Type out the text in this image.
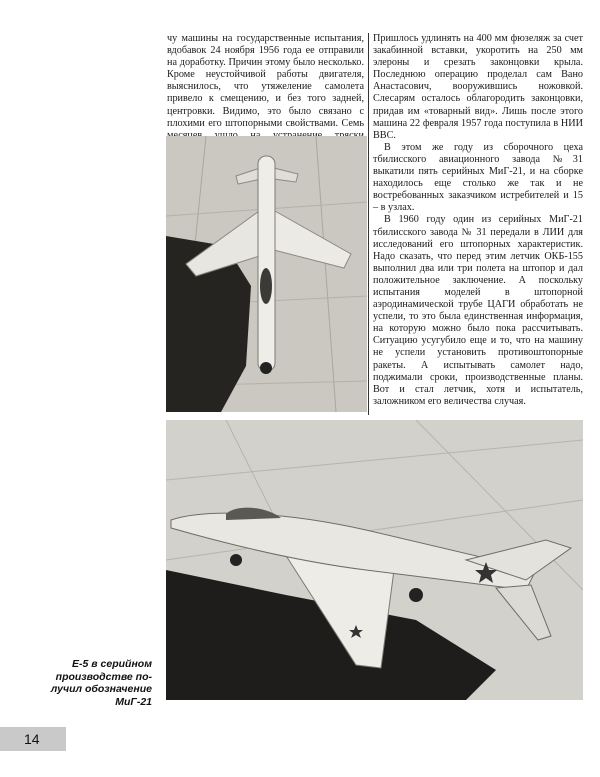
чу машины на государственные испытания, вдобавок 24 ноября 1956 года ее отправили на доработку. Причин этому было несколько. Кроме неустойчивой работы двигателя, выяснилось, что утяжеление самолета привело к смещению, и без того задней, центровки. Видимо, это было связано с плохими его штопорными свойствами. Семь

Пришлось удлинять на 400 мм фюзеляж за счет закабинной вставки, укоротить на 250 мм элероны и срезать законцовки крыла. Последнюю операцию проделал сам Вано Анастасович, вооружившись ножовкой. Слесарям осталось облагородить законцовки, придав им «товарный вид». Лишь после этого машина 22 февраля 1957 года поступила в НИИ ВВС.

В этом же году из сборочного цеха тбилисского авиационного завода №31 выкатили пять серийных МиГ-21, и на сборке находилось еще столько же так и не востребованных заказчиком истребителей и 15 – в узлах.

В 1960 году один из серийных МиГ-21 тбилисского завода № 31 передали в ЛИИ для исследований его штопорных характеристик. Надо сказать, что перед этим летчик ОКБ-155 выполнил два или три полета на штопор и дал положительное заключение. А поскольку испытания моделей в штопорной аэродинамической трубе ЦАГИ обработать не успели, то это была единственная информация, на которую можно было пока рассчитывать. Ситуацию усугубило еще и то, что на машину не успели установить противоштопорные ракеты. А испытывать самолет надо, поджимали сроки, производственные планы. Вот и стал летчик, хотя и испытатель, заложником его величества случая.

Е-5 в серийном
производстве по-
лучил обозначение
МиГ-21
14
